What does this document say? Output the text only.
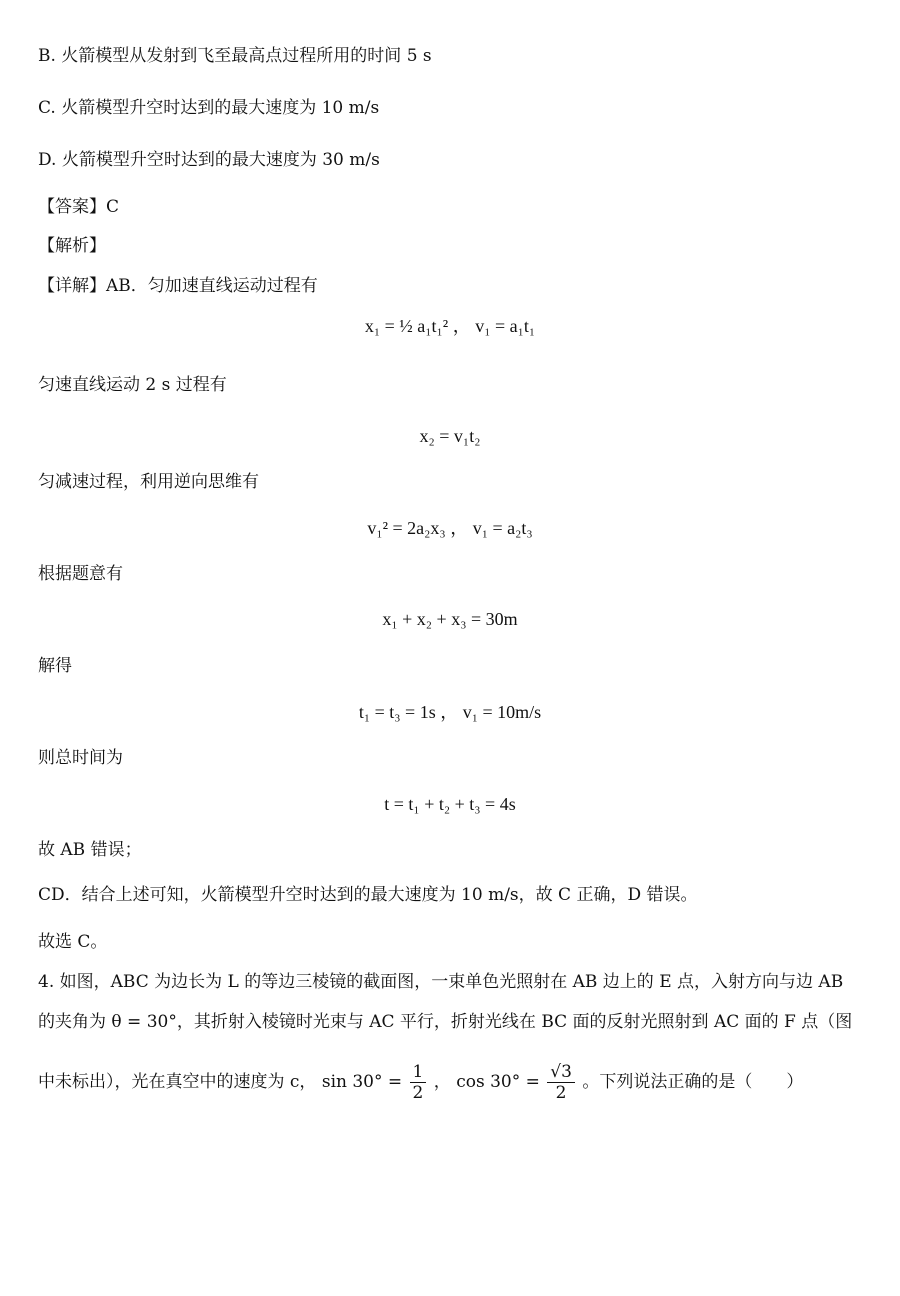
B. 火箭模型从发射到飞至最高点过程所用的时间 5 s
C. 火箭模型升空时达到的最大速度为 10 m/s
D. 火箭模型升空时达到的最大速度为 30 m/s
【答案】C
【解析】
【详解】AB．匀加速直线运动过程有
x₁ = ½ a₁t₁² ， v₁ = a₁t₁
匀速直线运动 2 s 过程有
x₂ = v₁t₂
匀减速过程，利用逆向思维有
v₁² = 2a₂x₃ ， v₁ = a₂t₃
根据题意有
x₁ + x₂ + x₃ = 30m
解得
t₁ = t₃ = 1s ， v₁ = 10m/s
则总时间为
t = t₁ + t₂ + t₃ = 4s
故 AB 错误；
CD．结合上述可知，火箭模型升空时达到的最大速度为 10 m/s，故 C 正确，D 错误。
故选 C。
4. 如图，ABC 为边长为 L 的等边三棱镜的截面图，一束单色光照射在 AB 边上的 E 点，入射方向与边 AB
的夹角为 θ = 30°，其折射入棱镜时光束与 AC 平行，折射光线在 BC 面的反射光照射到 AC 面的 F 点（图
中未标出），光在真空中的速度为 c， $\sin 30^\circ = \frac{1}{2}$ ， $\cos 30^\circ = \frac{√3}{2}$ 。下列说法正确的是（　　）
